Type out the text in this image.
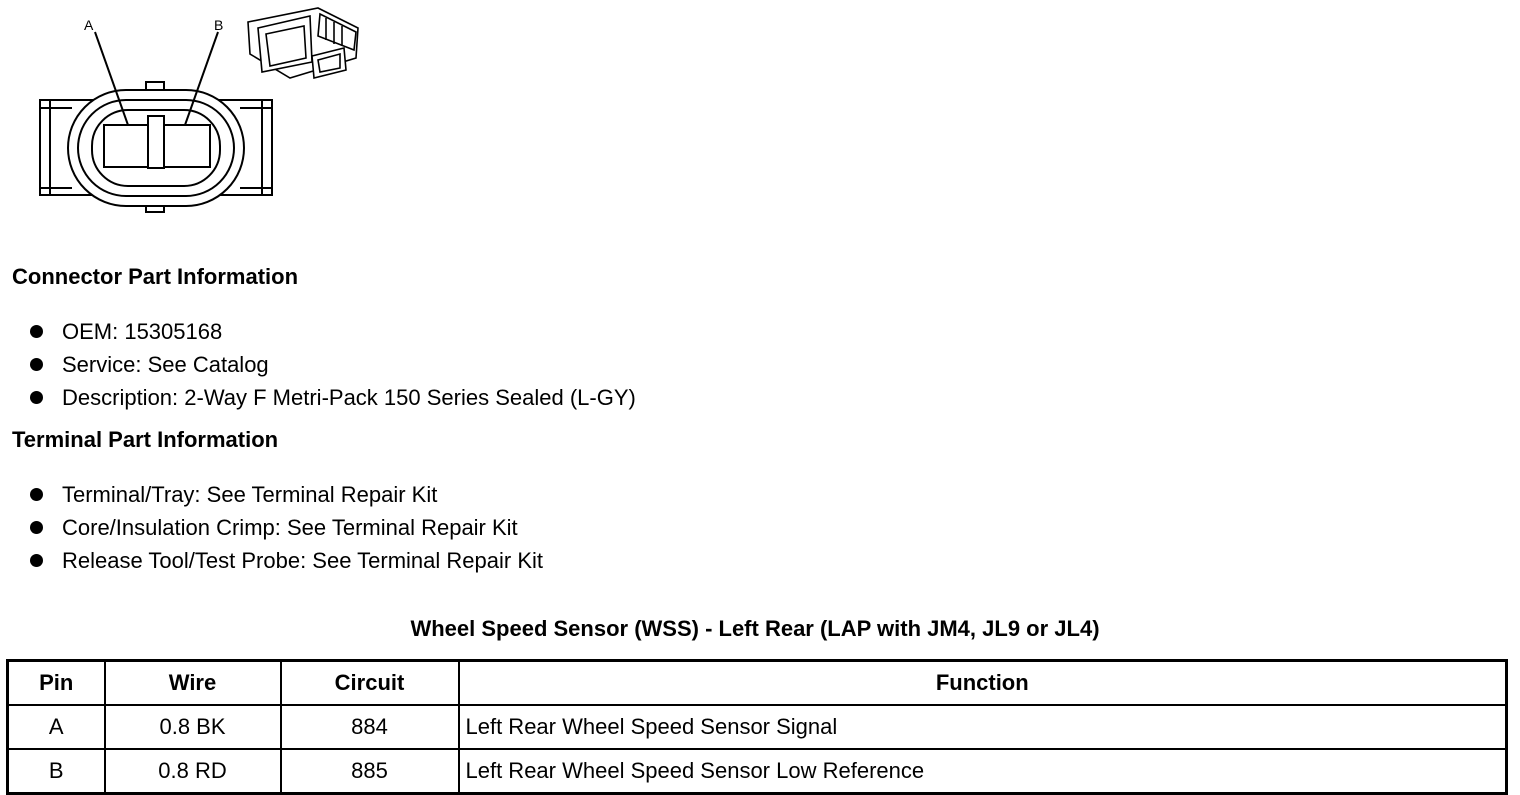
A	B
Connector Part Information
OEM: 15305168
Service: See Catalog
Description: 2-Way F Metri-Pack 150 Series Sealed (L-GY)
Terminal Part Information
Terminal/Tray: See Terminal Repair Kit
Core/Insulation Crimp: See Terminal Repair Kit
Release Tool/Test Probe: See Terminal Repair Kit
Wheel Speed Sensor (WSS) - Left Rear (LAP with JM4, JL9 or JL4)
Pin	Wire	Circuit	Function
A	0.8 BK	884	Left Rear Wheel Speed Sensor Signal
B	0.8 RD	885	Left Rear Wheel Speed Sensor Low Reference
